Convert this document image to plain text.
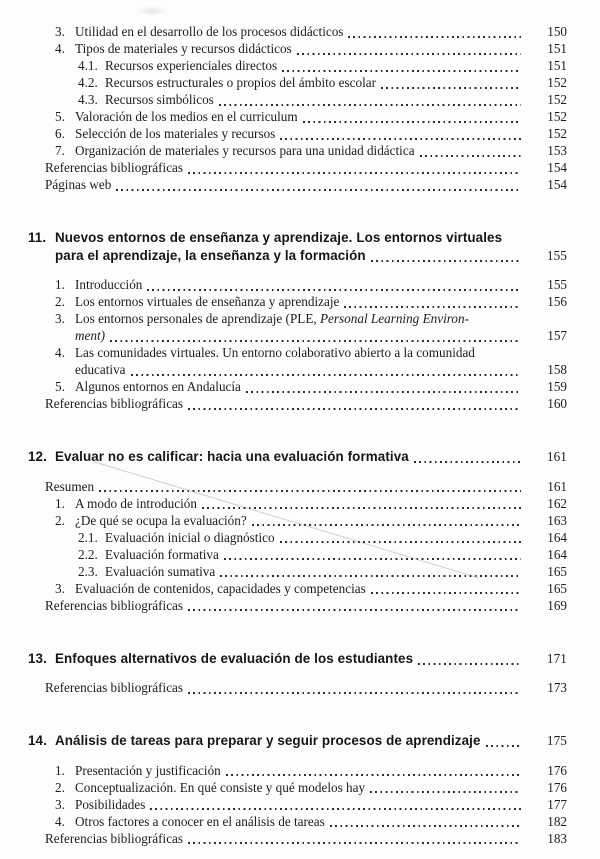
3. Utilidad en el desarrollo de los procesos didácticos	150
4. Tipos de materiales y recursos didácticos	151
4.1. Recursos experienciales directos	151
4.2. Recursos estructurales o propios del ámbito escolar	152
4.3. Recursos simbólicos	152
5. Valoración de los medios en el curriculum	152
6. Selección de los materiales y recursos	152
7. Organización de materiales y recursos para una unidad didáctica	153
Referencias bibliográficas	154
Páginas web	154
11. Nuevos entornos de enseñanza y aprendizaje. Los entornos virtuales
para el aprendizaje, la enseñanza y la formación	155
1. Introducción	155
2. Los entornos virtuales de enseñanza y aprendizaje	156
3. Los entornos personales de aprendizaje (PLE, Personal Learning Environ-
ment)	157
4. Las comunidades virtuales. Un entorno colaborativo abierto a la comunidad
educativa	158
5. Algunos entornos en Andalucía	159
Referencias bibliográficas	160
12. Evaluar no es calificar: hacia una evaluación formativa	161
Resumen	161
1. A modo de introdución	162
2. ¿De qué se ocupa la evaluación?	163
2.1. Evaluación inicial o diagnóstico	164
2.2. Evaluación formativa	164
2.3. Evaluación sumativa	165
3. Evaluación de contenidos, capacidades y competencias	165
Referencias bibliográficas	169
13. Enfoques alternativos de evaluación de los estudiantes	171
Referencias bibliográficas	173
14. Análisis de tareas para preparar y seguir procesos de aprendizaje	175
1. Presentación y justificación	176
2. Conceptualización. En qué consiste y qué modelos hay	176
3. Posibilidades	177
4. Otros factores a conocer en el análisis de tareas	182
Referencias bibliográficas	183
